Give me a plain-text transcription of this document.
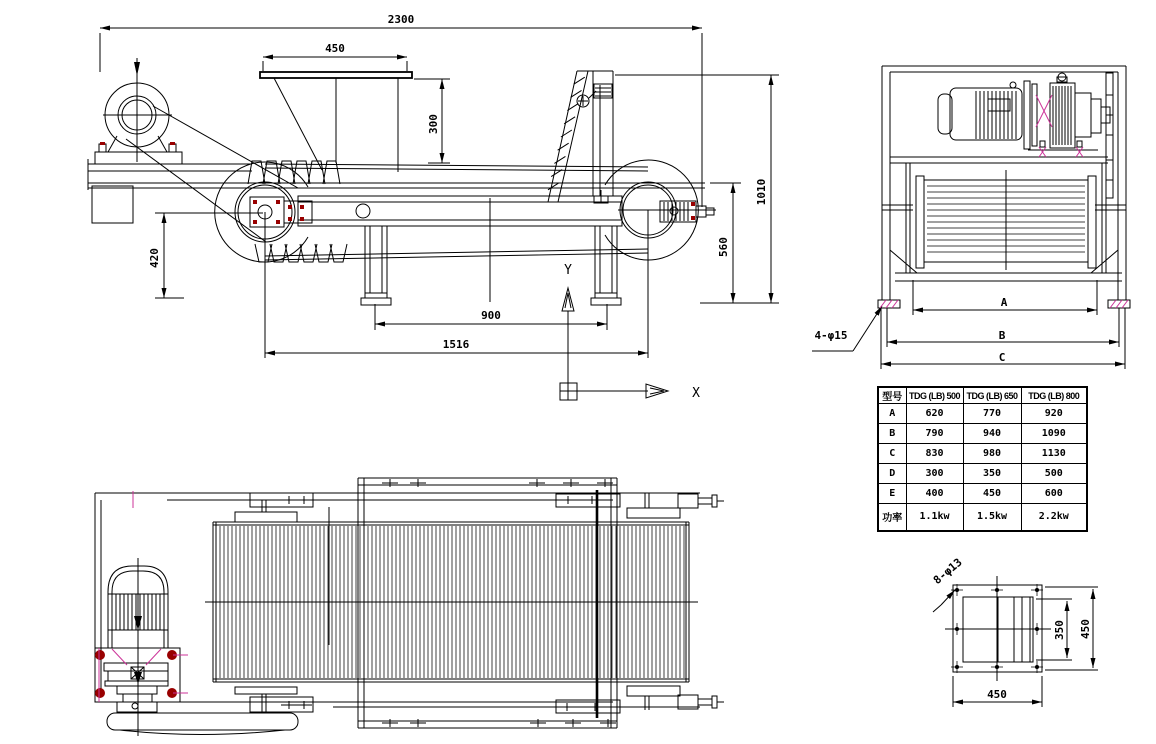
2300
450
300
420
560
1010
900
1516
Y
X
A
B
C
4-φ15
450
450
350
8-φ13
型号	TDG (LB) 500	TDG (LB) 650	TDG (LB) 800
A	620	770	920
B	790	940	1090
C	830	980	1130
D	300	350	500
E	400	450	600
功率	1.1kw	1.5kw	2.2kw
